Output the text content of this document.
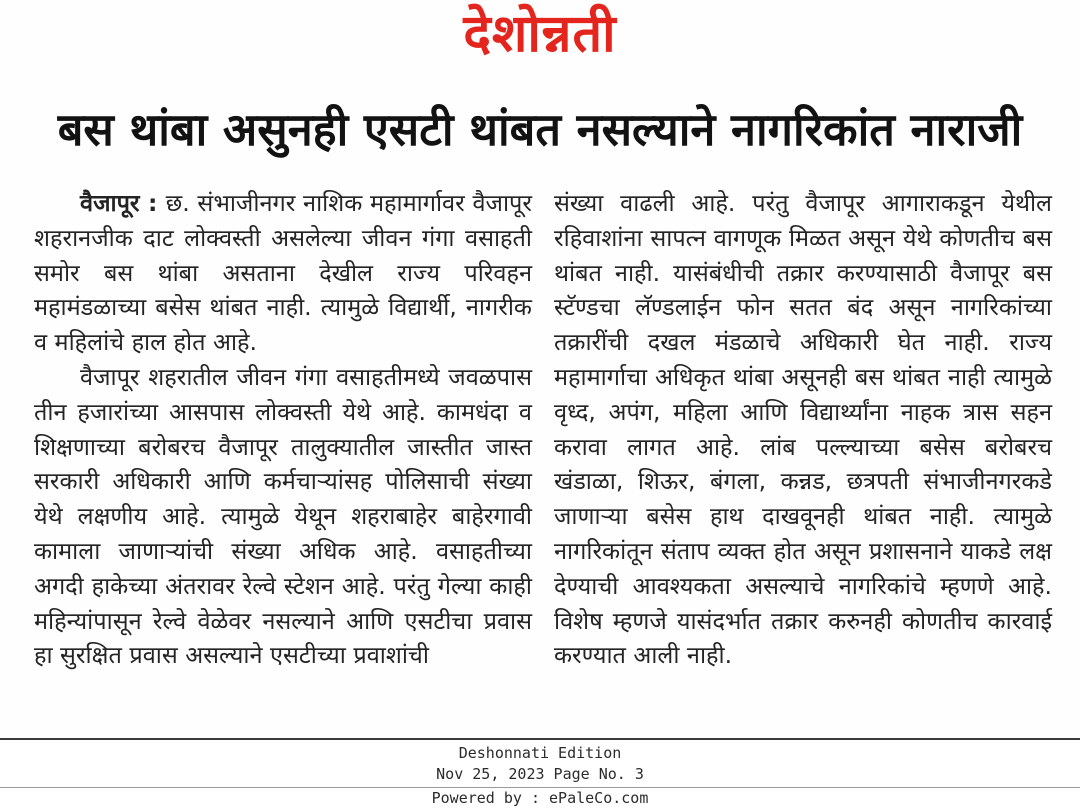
देशोन्नती
बस थांबा असुनही एसटी थांबत नसल्याने नागरिकांत नाराजी

वैजापूर : छ. संभाजीनगर नाशिक महामार्गावर वैजापूर शहरानजीक दाट लोक्वस्ती असलेल्या जीवन गंगा वसाहती समोर बस थांबा असताना देखील राज्य परिवहन महामंडळाच्या बसेस थांबत नाही. त्यामुळे विद्यार्थी, नागरीक व महिलांचे हाल होत आहे.

वैजापूर शहरातील जीवन गंगा वसाहतीमध्ये जवळपास तीन हजारांच्या आसपास लोक्वस्ती येथे आहे. कामधंदा व शिक्षणाच्या बरोबरच वैजापूर तालुक्यातील जास्तीत जास्त सरकारी अधिकारी आणि कर्मचाऱ्यांसह पोलिसाची संख्या येथे लक्षणीय आहे. त्यामुळे येथून शहराबाहेर बाहेरगावी कामाला जाणाऱ्यांची संख्या अधिक आहे. वसाहतीच्या अगदी हाकेच्या अंतरावर रेल्वे स्टेशन आहे. परंतु गेल्या काही महिन्यांपासून रेल्वे वेळेवर नसल्याने आणि एसटीचा प्रवास हा सुरक्षित प्रवास असल्याने एसटीच्या प्रवाशांची

संख्या वाढली आहे. परंतु वैजापूर आगाराकडून येथील रहिवाशांना सापत्न वागणूक मिळत असून येथे कोणतीच बस थांबत नाही. यासंबंधीची तक्रार करण्यासाठी वैजापूर बस स्टॅण्डचा लॅण्डलाईन फोन सतत बंद असून नागरिकांच्या तक्रारींची दखल मंडळाचे अधिकारी घेत नाही. राज्य महामार्गाचा अधिकृत थांबा असूनही बस थांबत नाही त्यामुळे वृध्द, अपंग, महिला आणि विद्यार्थ्यांना नाहक त्रास सहन करावा लागत आहे. लांब पल्ल्याच्या बसेस बरोबरच खंडाळा, शिऊर, बंगला, कन्नड, छत्रपती संभाजीनगरकडे जाणाऱ्या बसेस हाथ दाखवूनही थांबत नाही. त्यामुळे नागरिकांतून संताप व्यक्त होत असून प्रशासनाने याकडे लक्ष देण्याची आवश्यकता असल्याचे नागरिकांचे म्हणणे आहे. विशेष म्हणजे यासंदर्भात तक्रार करुनही कोणतीच कारवाई करण्यात आली नाही.

Deshonnati Edition
Nov 25, 2023 Page No. 3
Powered by : ePaleCo.com
